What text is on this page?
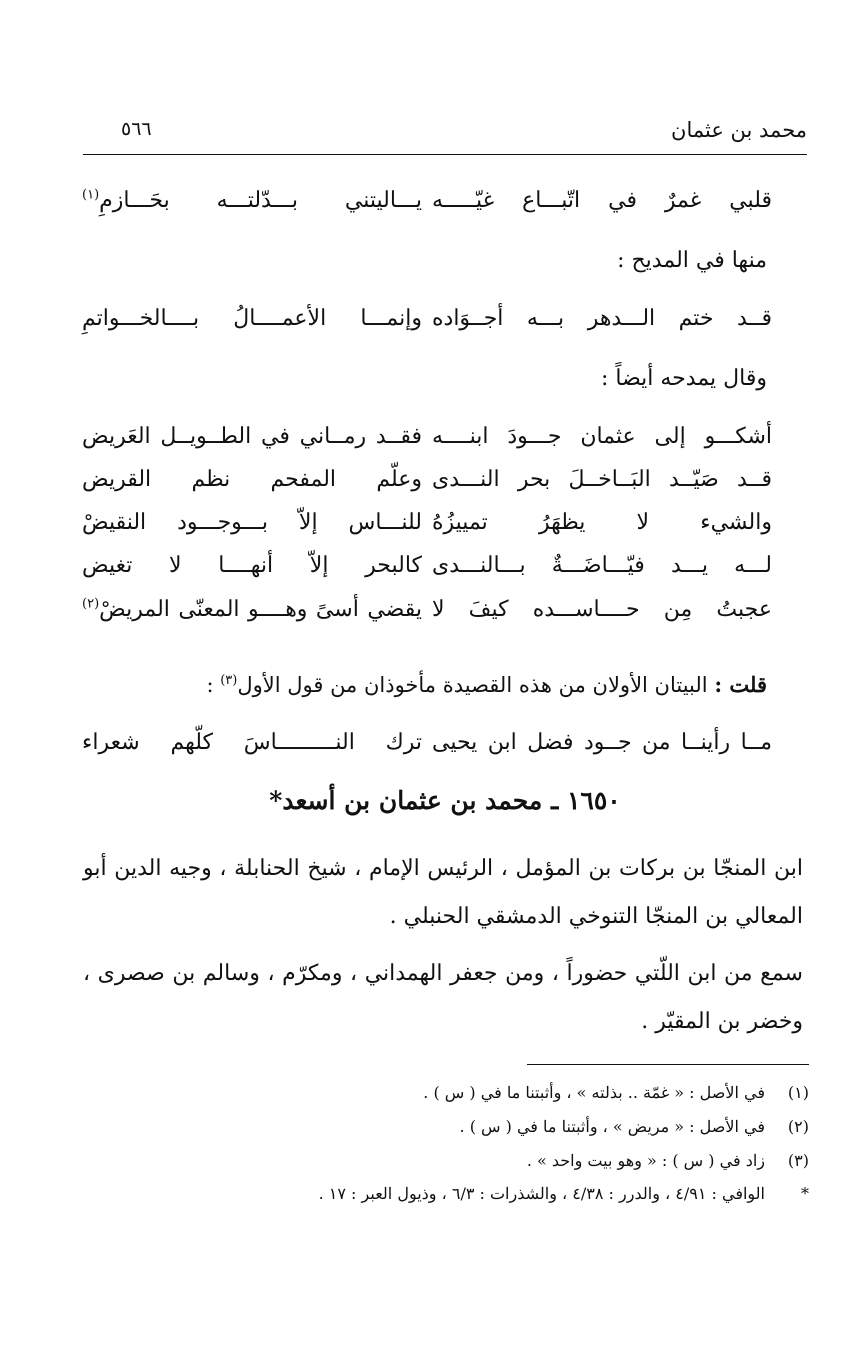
محمد بن عثمان
٥٦٦
قلبي غمرٌ في اتّبـــاع غيّـــــه
يـــاليتني بـــدّلتـــه بحَـــازمِ$^{(١)}$
منها في المديح :
قــد ختم الـــدهر بـــه أجــوَاده
وإنمـــا الأعمــــالُ بــــالخـــواتمِ
وقال يمدحه أيضاً :
أشكـــو إلى عثمان جـــودَ ابنــــه
فقــد رمــاني في الطــويــل العَريض
قــد صَيّــد البَــاخــلَ بحر النـــدى
وعلّم المفحم نظم القريض
والشيء لا يظهَرُ تمييزُهُ
للنـــاس إلاّ بـــوجـــود النقيضْ
لـــه يـــد فيّـــاضَـــةٌ بـــالنـــدى
كالبحر إلاّ أنهــــا لا تغيض
عجبتُ مِن حــــاســـده كيفَ لا
يقضي أسىً وهــــو المعنّى المريضْ$^{(٢)}$
قلت : البيتان الأولان من هذه القصيدة مأخوذان من قول الأول$^{(٣)}$ :
مــا رأينــا من جــود فضل ابن يحيى
ترك النـــــــــاسَ كلّهم شعراء
١٦٥٠ ـ محمد بن عثمان بن أسعد*
ابن المنجّا بن بركات بن المؤمل ، الرئيس الإمام ، شيخ الحنابلة ، وجيه الدين أبو المعالي بن المنجّا التنوخي الدمشقي الحنبلي .
سمع من ابن اللّتي حضوراً ، ومن جعفر الهمداني ، ومكرّم ، وسالم بن صصرى ، وخضر بن المقيّر .
(١)في الأصل : « غمّة .. بذلته » ، وأثبتنا ما في ( س ) .
(٢)في الأصل : « مريض » ، وأثبتنا ما في ( س ) .
(٣)زاد في ( س ) : « وهو بيت واحد » .
*الوافي : ٤/٩١ ، والدرر : ٤/٣٨ ، والشذرات : ٦/٣ ، وذيول العبر : ١٧ .
